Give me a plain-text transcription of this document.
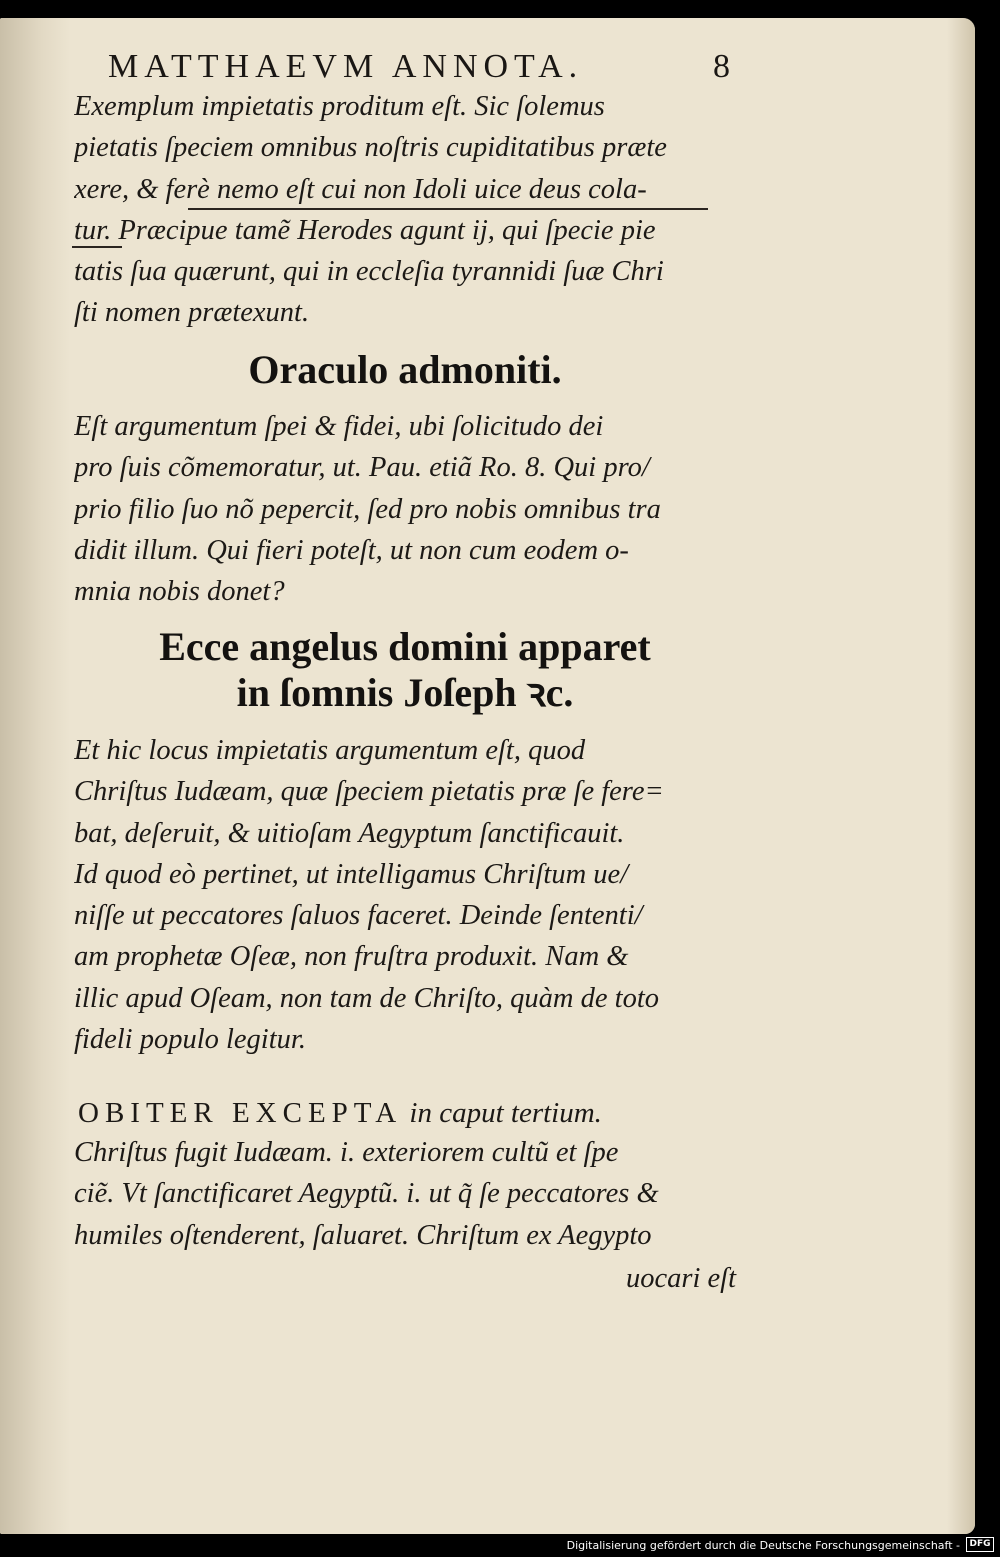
MATTHAEVM ANNOTA.	8
Exemplum impietatis proditum eſt. Sic ſolemus
pietatis ſpeciem omnibus noſtris cupiditatibus præte
xere, & ferè nemo eſt cui non Idoli uice deus cola-
tur. Præcipue tamẽ Herodes agunt ij, qui ſpecie pie
tatis ſua quærunt, qui in eccleſia tyrannidi ſuæ Chri
ſti nomen prætexunt.
Oraculo admoniti.
Eſt argumentum ſpei & fidei, ubi ſolicitudo dei
pro ſuis cõmemoratur, ut. Pau. etiã Ro. 8. Qui pro/
prio filio ſuo nõ pepercit, ſed pro nobis omnibus tra
didit illum. Qui fieri poteſt, ut non cum eodem o-
mnia nobis donet?
Ecce angelus domini apparet
in ſomnis Joſeph ꝛc.
Et hic locus impietatis argumentum eſt, quod
Chriſtus Iudæam, quæ ſpeciem pietatis præ ſe fere=
bat, deſeruit, & uitioſam Aegyptum ſanctificauit.
Id quod eò pertinet, ut intelligamus Chriſtum ue/
niſſe ut peccatores ſaluos faceret. Deinde ſententi/
am prophetæ Oſeæ, non fruſtra produxit. Nam &
illic apud Oſeam, non tam de Chriſto, quàm de toto
fideli populo legitur.
OBITER EXCEPTA in caput tertium.
Chriſtus fugit Iudæam. i. exteriorem cultũ et ſpe
ciẽ. Vt ſanctificaret Aegyptũ. i. ut q̃ ſe peccatores &
humiles oſtenderent, ſaluaret. Chriſtum ex Aegypto
uocari eſt
Digitalisierung gefördert durch die Deutsche Forschungsgemeinschaft -	DFG
